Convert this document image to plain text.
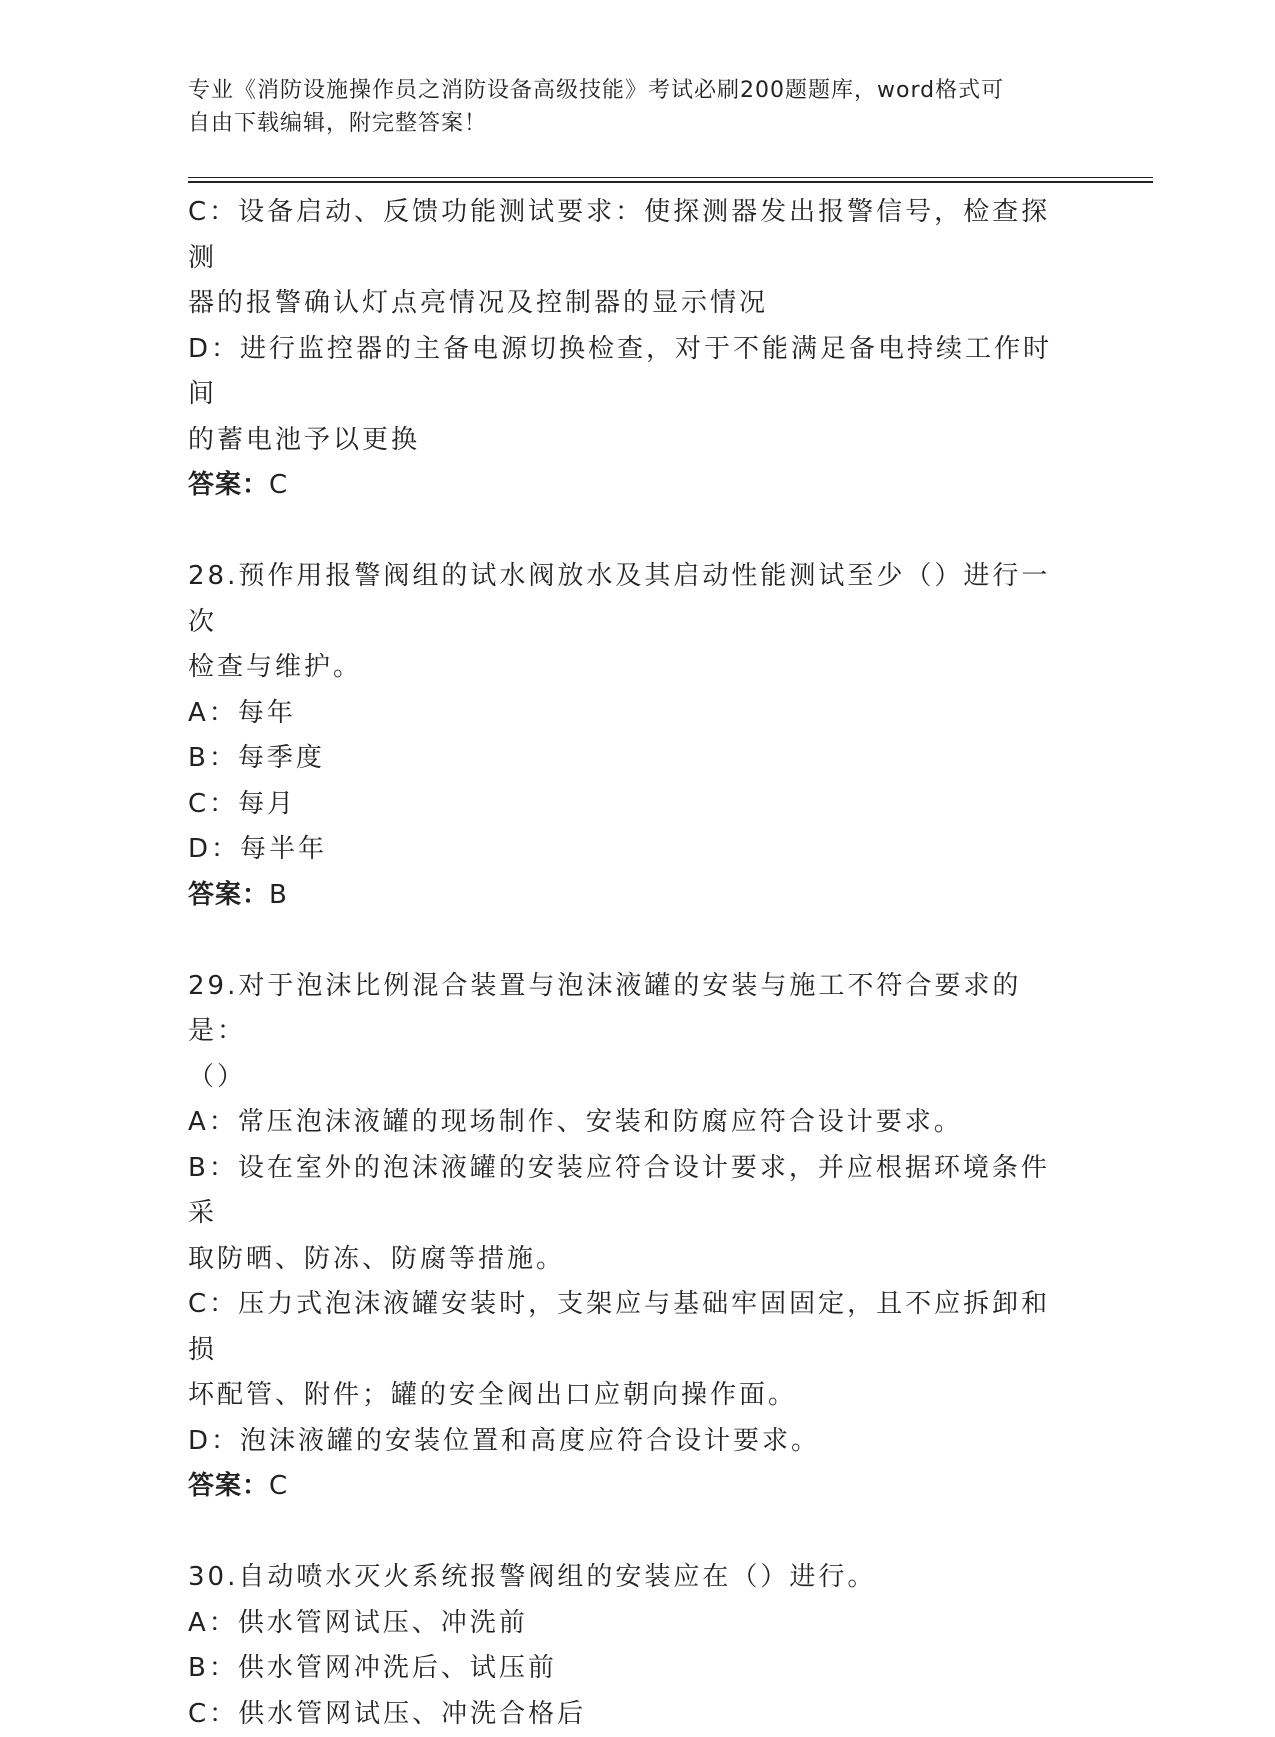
专业《消防设施操作员之消防设备高级技能》考试必刷200题题库，word格式可
自由下载编辑，附完整答案！
C：设备启动、反馈功能测试要求：使探测器发出报警信号，检查探测
器的报警确认灯点亮情况及控制器的显示情况
D：进行监控器的主备电源切换检查，对于不能满足备电持续工作时间
的蓄电池予以更换
答案：C
28.预作用报警阀组的试水阀放水及其启动性能测试至少（）进行一次
检查与维护。
A：每年
B：每季度
C：每月
D：每半年
答案：B
29.对于泡沫比例混合装置与泡沫液罐的安装与施工不符合要求的是：
（）
A：常压泡沫液罐的现场制作、安装和防腐应符合设计要求。
B：设在室外的泡沫液罐的安装应符合设计要求，并应根据环境条件采
取防晒、防冻、防腐等措施。
C：压力式泡沫液罐安装时，支架应与基础牢固固定，且不应拆卸和损
坏配管、附件；罐的安全阀出口应朝向操作面。
D：泡沫液罐的安装位置和高度应符合设计要求。
答案：C
30.自动喷水灭火系统报警阀组的安装应在（）进行。
A：供水管网试压、冲洗前
B：供水管网冲洗后、试压前
C：供水管网试压、冲洗合格后
